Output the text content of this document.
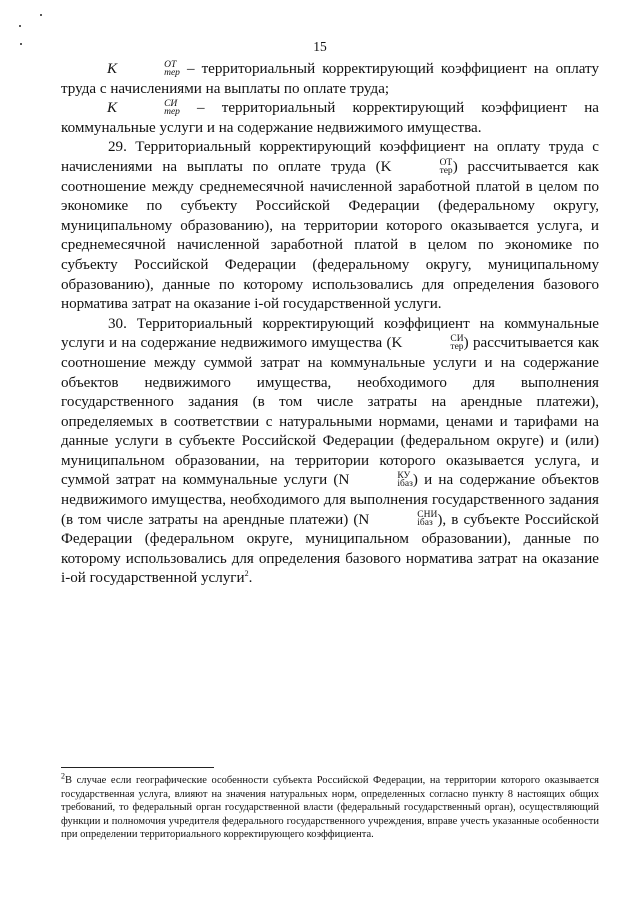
15

K	ОТ
тер – территориальный корректирующий коэффициент на оплату труда с начислениями на выплаты по оплате труда;

K	СИ
тер – территориальный корректирующий коэффициент на коммунальные услуги и на содержание недвижимого имущества.

29. Территориальный корректирующий коэффициент на оплату труда с начислениями на выплаты по оплате труда (K	ОТ
тер ) рассчитывается как соотношение между среднемесячной начисленной заработной платой в целом по экономике по субъекту Российской Федерации (федеральному округу, муниципальному образованию), на территории которого оказывается услуга, и среднемесячной начисленной заработной платой в целом по экономике по субъекту Российской Федерации (федеральному округу, муниципальному образованию), данные по которому использовались для определения базового норматива затрат на оказание i-ой государственной услуги.

30. Территориальный корректирующий коэффициент на коммунальные услуги и на содержание недвижимого имущества (K	СИ
тер ) рассчитывается как соотношение между суммой затрат на коммунальные услуги и на содержание объектов недвижимого имущества, необходимого для выполнения государственного задания (в том числе затраты на арендные платежи), определяемых в соответствии с натуральными нормами, ценами и тарифами на данные услуги в субъекте Российской Федерации (федеральном округе) и (или) муниципальном образовании, на территории которого оказывается услуга, и суммой затрат на коммунальные услуги (N	КУ
iбаз ) и на содержание объектов недвижимого имущества, необходимого для выполнения государственного задания (в том числе затраты на арендные платежи) (N	СНИ
iбаз ), в субъекте Российской Федерации (федеральном округе, муниципальном образовании), данные по которому использовались для определения базового норматива затрат на оказание i-ой государственной услуги$^2$.

$^2$В случае если географические особенности субъекта Российской Федерации, на территории которого оказывается государственная услуга, влияют на значения натуральных норм, определенных согласно пункту 8 настоящих общих требований, то федеральный орган государственной власти (федеральный государственный орган), осуществляющий функции и полномочия учредителя федерального государственного учреждения, вправе учесть указанные особенности при определении территориального корректирующего коэффициента.
